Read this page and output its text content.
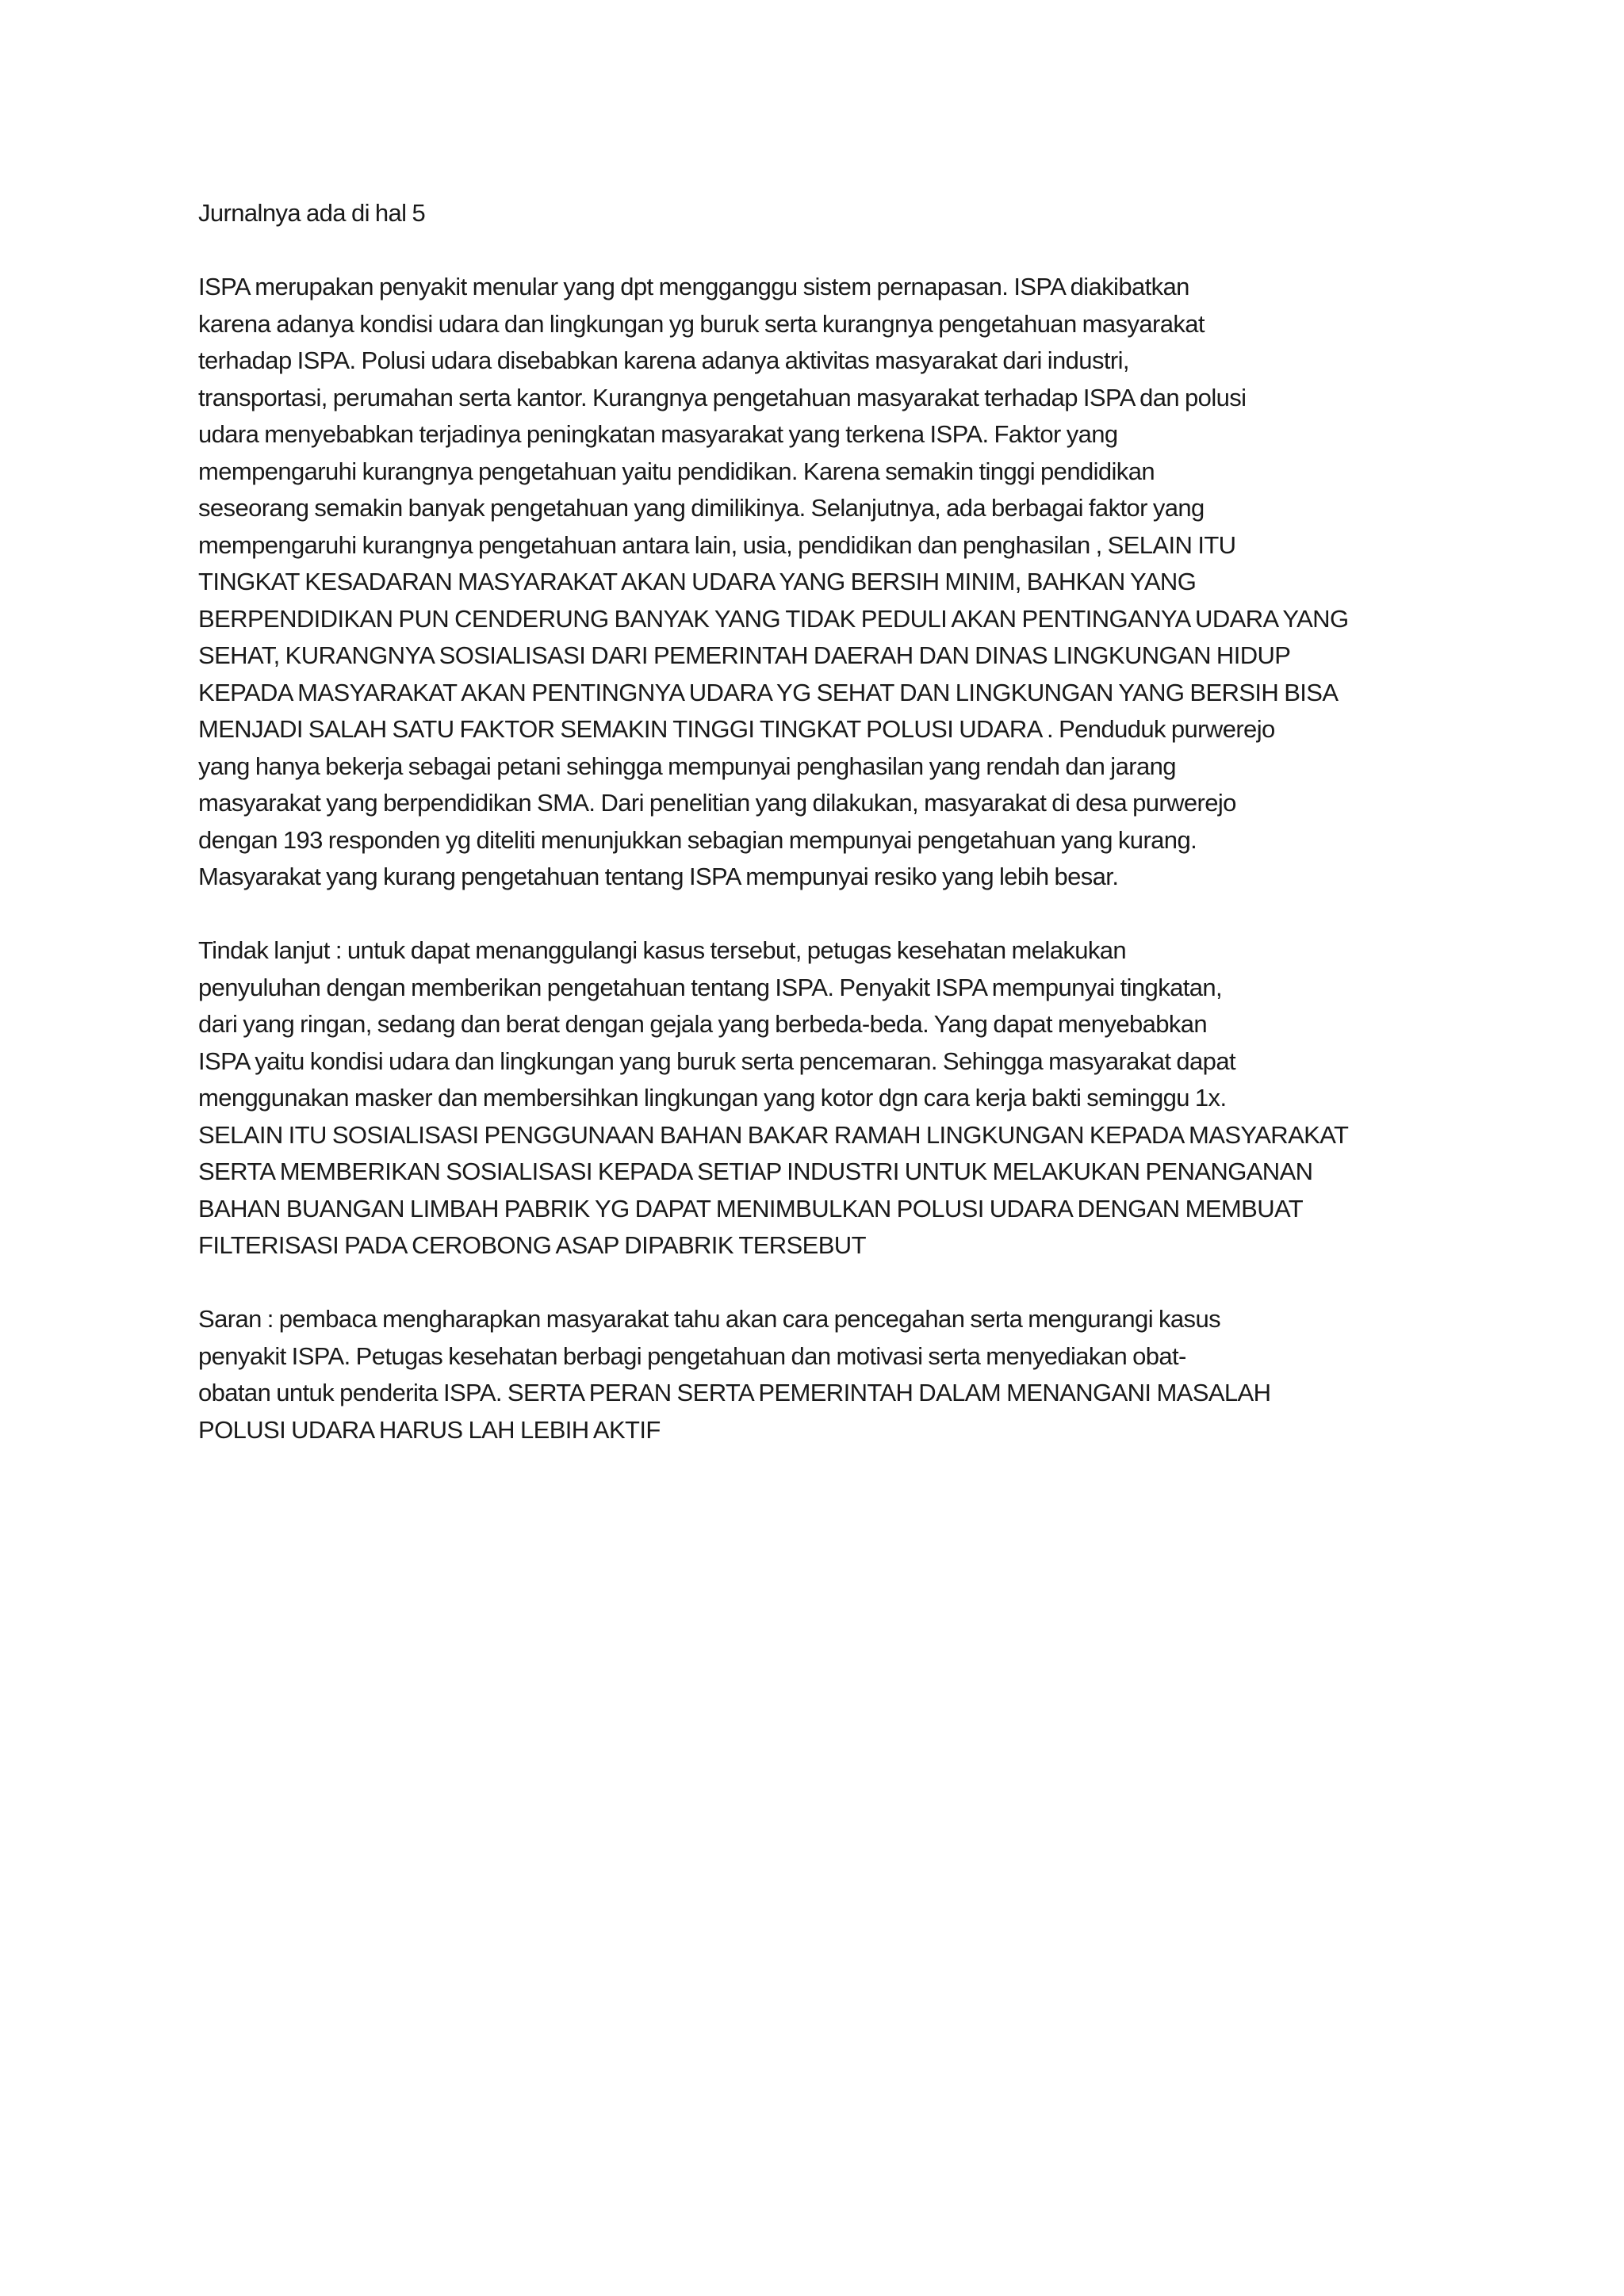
Jurnalnya ada di hal 5

ISPA merupakan penyakit menular yang dpt mengganggu sistem pernapasan. ISPA diakibatkan
karena adanya kondisi udara dan lingkungan yg buruk serta kurangnya pengetahuan masyarakat
terhadap ISPA. Polusi udara disebabkan karena adanya aktivitas masyarakat dari industri,
transportasi, perumahan serta kantor. Kurangnya pengetahuan masyarakat terhadap ISPA dan polusi
udara menyebabkan terjadinya peningkatan masyarakat yang terkena ISPA. Faktor yang
mempengaruhi kurangnya pengetahuan yaitu pendidikan. Karena semakin tinggi pendidikan
seseorang semakin banyak pengetahuan yang dimilikinya. Selanjutnya, ada berbagai faktor yang
mempengaruhi kurangnya pengetahuan antara lain, usia, pendidikan dan penghasilan , SELAIN ITU
TINGKAT KESADARAN MASYARAKAT AKAN UDARA YANG BERSIH MINIM, BAHKAN YANG
BERPENDIDIKAN PUN CENDERUNG BANYAK YANG TIDAK PEDULI AKAN PENTINGANYA UDARA YANG
SEHAT, KURANGNYA SOSIALISASI DARI PEMERINTAH DAERAH DAN DINAS LINGKUNGAN HIDUP
KEPADA MASYARAKAT AKAN PENTINGNYA UDARA YG SEHAT DAN LINGKUNGAN YANG BERSIH BISA
MENJADI SALAH SATU FAKTOR SEMAKIN TINGGI TINGKAT POLUSI UDARA . Penduduk purwerejo
yang hanya bekerja sebagai petani sehingga mempunyai penghasilan yang rendah dan jarang
masyarakat yang berpendidikan SMA. Dari penelitian yang dilakukan, masyarakat di desa purwerejo
dengan 193 responden yg diteliti menunjukkan sebagian mempunyai pengetahuan yang kurang.
Masyarakat yang kurang pengetahuan tentang ISPA mempunyai resiko yang lebih besar.

Tindak lanjut : untuk dapat menanggulangi kasus tersebut, petugas kesehatan melakukan
penyuluhan dengan memberikan pengetahuan tentang ISPA. Penyakit ISPA mempunyai tingkatan,
dari yang ringan, sedang dan berat dengan gejala yang berbeda-beda. Yang dapat menyebabkan
ISPA yaitu kondisi udara dan lingkungan yang buruk serta pencemaran. Sehingga masyarakat dapat
menggunakan masker dan membersihkan lingkungan yang kotor dgn cara kerja bakti seminggu 1x.
SELAIN ITU SOSIALISASI PENGGUNAAN BAHAN BAKAR RAMAH LINGKUNGAN KEPADA MASYARAKAT
SERTA MEMBERIKAN SOSIALISASI KEPADA SETIAP INDUSTRI UNTUK MELAKUKAN PENANGANAN
BAHAN BUANGAN LIMBAH PABRIK YG DAPAT MENIMBULKAN POLUSI UDARA DENGAN MEMBUAT
FILTERISASI PADA CEROBONG ASAP DIPABRIK TERSEBUT

Saran : pembaca mengharapkan masyarakat tahu akan cara pencegahan serta mengurangi kasus
penyakit ISPA. Petugas kesehatan berbagi pengetahuan dan motivasi serta menyediakan obat-
obatan untuk penderita ISPA. SERTA PERAN SERTA PEMERINTAH DALAM MENANGANI MASALAH
POLUSI UDARA HARUS LAH LEBIH AKTIF
